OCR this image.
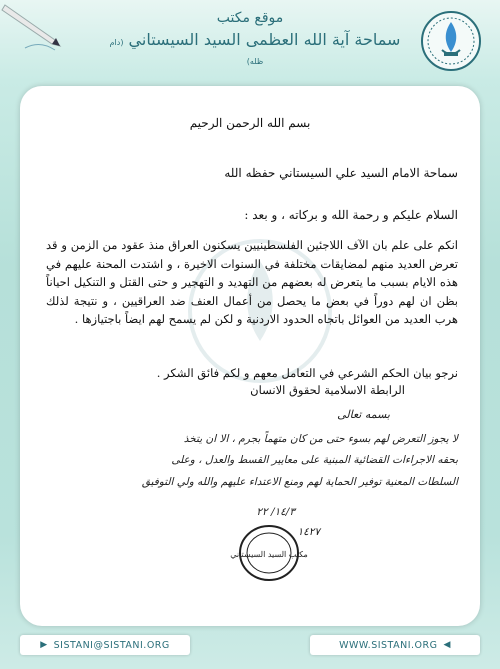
موقع مكتب
سماحة آية الله العظمى السيد السيستاني (دام ظله)
بسم الله الرحمن الرحيم
سماحة الامام السيد علي السيستاني حفظه الله
السلام عليكم و رحمة الله و بركاته ، و بعد :
انكم على علم بان الآف اللاجئين الفلسطينيين يسكنون العراق منذ عقود من الزمن و قد تعرض العديد منهم لمضايقات مختلفة في السنوات الاخيرة ، و اشتدت المحنة عليهم في هذه الايام بسبب ما يتعرض له بعضهم من التهديد و التهجير و حتى القتل و التنكيل احياناً بظن ان لهم دوراً في بعض ما يحصل من أعمال العنف ضد العراقيين ، و نتيجة لذلك هرب العديد من العوائل باتجاه الحدود الاردنية و لكن لم يسمح لهم ايضاً باجتيازها .
نرجو بيان الحكم الشرعي في التعامل معهم و لكم فائق الشكر .
الرابطة الاسلامية لحقوق الانسان
بسمه تعالى
لا يجوز التعرض لهم بسوء حتى من كان متهماً بجرم ، الا ان يتخذ
بحقه الاجراءات القضائية المبنية على معايير القسط والعدل ، وعلى
السلطات المعنية توفير الحماية لهم ومنع الاعتداء عليهم والله ولي التوفيق
١٤/٣/ ٢٢
١٤٢٧
مكتب السيد السيستاني
▶ SISTANI@SISTANI.ORG	WWW.SISTANI.ORG ◀
